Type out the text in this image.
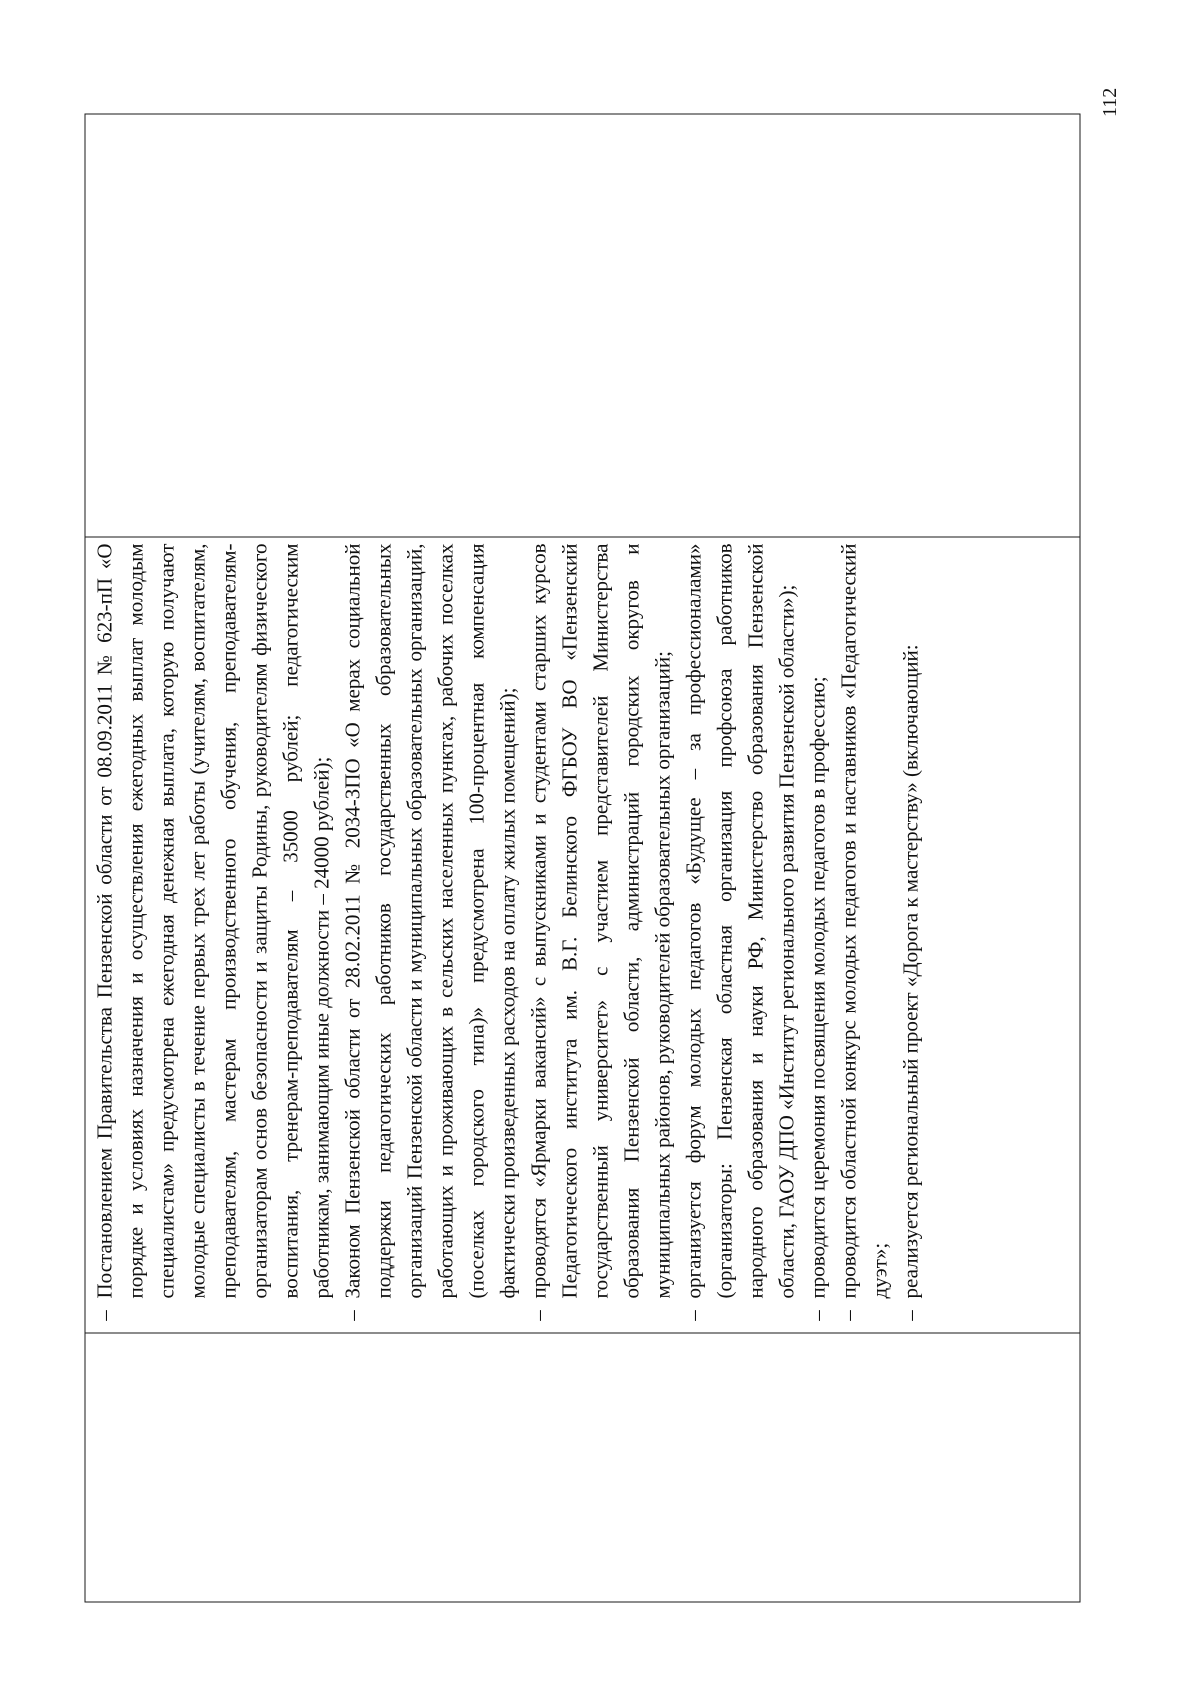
112
–
Постановлением Правительства Пензенской области от 08.09.2011 № 623-пП «О порядке и условиях назначения и осуществления ежегодных выплат молодым специалистам» предусмотрена ежегодная денежная выплата, которую получают молодые специалисты в течение первых трех лет работы (учителям, воспитателям, преподавателям, мастерам производственного обучения, преподавателям-организаторам основ безопасности и защиты Родины, руководителям физического воспитания, тренерам-преподавателям – 35000 рублей; педагогическим работникам, занимающим иные должности – 24000 рублей);
–
Законом Пензенской области от 28.02.2011 № 2034-ЗПО «О мерах социальной поддержки педагогических работников государственных образовательных организаций Пензенской области и муниципальных образовательных организаций, работающих и проживающих в сельских населенных пунктах, рабочих поселках (поселках городского типа)» предусмотрена 100-процентная компенсация фактически произведенных расходов на оплату жилых помещений);
–
проводятся «Ярмарки вакансий» с выпускниками и студентами старших курсов Педагогического института им. В.Г. Белинского ФГБОУ ВО «Пензенский государственный университет» с участием представителей Министерства образования Пензенской области, администраций городских округов и муниципальных районов, руководителей образовательных организаций;
–
организуется форум молодых педагогов «Будущее – за профессионалами» (организаторы: Пензенская областная организация профсоюза работников народного образования и науки РФ, Министерство образования Пензенской области, ГАОУ ДПО «Институт регионального развития Пензенской области»);
–
проводится церемония посвящения молодых педагогов в профессию;
–
проводится областной конкурс молодых педагогов и наставников «Педагогический дуэт»;
–
реализуется региональный проект «Дорога к мастерству» (включающий:
